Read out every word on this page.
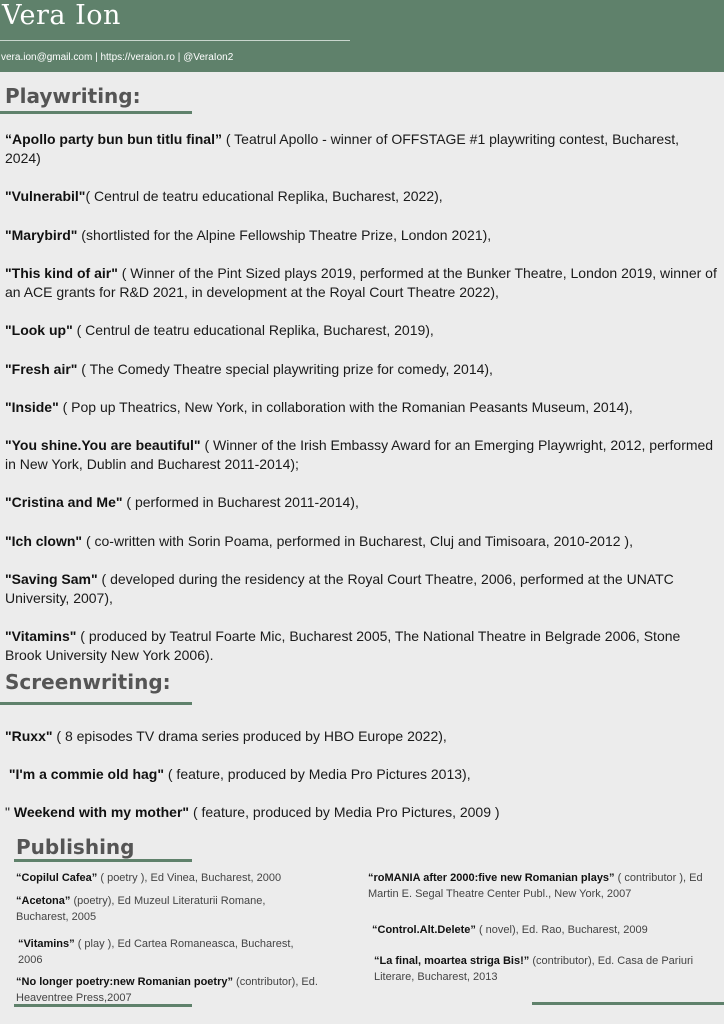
Vera Ion
vera.ion@gmail.com | https://veraion.ro | @VeraIon2
Playwriting:
“Apollo party bun bun titlu final” ( Teatrul Apollo - winner of OFFSTAGE #1 playwriting contest, Bucharest, 2024)
"Vulnerabil"( Centrul de teatru educational Replika, Bucharest, 2022),
"Marybird" (shortlisted for the Alpine Fellowship Theatre Prize, London 2021),
"This kind of air" ( Winner of the Pint Sized plays 2019, performed at the Bunker Theatre, London 2019, winner of an ACE grants for R&D 2021, in development at the Royal Court Theatre 2022),
"Look up" ( Centrul de teatru educational Replika, Bucharest, 2019),
"Fresh air" ( The Comedy Theatre special playwriting prize for comedy, 2014),
"Inside" ( Pop up Theatrics, New York, in collaboration with the Romanian Peasants Museum, 2014),
"You shine.You are beautiful" ( Winner of the Irish Embassy Award for an Emerging Playwright, 2012, performed in New York, Dublin and Bucharest 2011-2014);
"Cristina and Me" ( performed in Bucharest 2011-2014),
"Ich clown" ( co-written with Sorin Poama, performed in Bucharest, Cluj and Timisoara, 2010-2012 ),
"Saving Sam" ( developed during the residency at the Royal Court Theatre, 2006, performed at the UNATC University, 2007),
"Vitamins" ( produced by Teatrul Foarte Mic, Bucharest 2005, The National Theatre in Belgrade 2006, Stone Brook University New York 2006).
Screenwriting:
"Ruxx" ( 8 episodes TV drama series produced by HBO Europe 2022),
"I'm a commie old hag" ( feature, produced by Media Pro Pictures 2013),
" Weekend with my mother" ( feature, produced by Media Pro Pictures, 2009 )
Publishing
“Copilul Cafea” ( poetry ), Ed Vinea, Bucharest, 2000
“Acetona” (poetry), Ed Muzeul Literaturii Romane, Bucharest, 2005
“Vitamins” ( play ), Ed Cartea Romaneasca, Bucharest, 2006
“No longer poetry:new Romanian poetry” (contributor), Ed. Heaventree Press,2007
“roMANIA after 2000:five new Romanian plays” ( contributor ), Ed Martin E. Segal Theatre Center Publ., New York, 2007
“Control.Alt.Delete” ( novel), Ed. Rao, Bucharest, 2009
“La final, moartea striga Bis!” (contributor), Ed. Casa de Pariuri Literare, Bucharest, 2013
